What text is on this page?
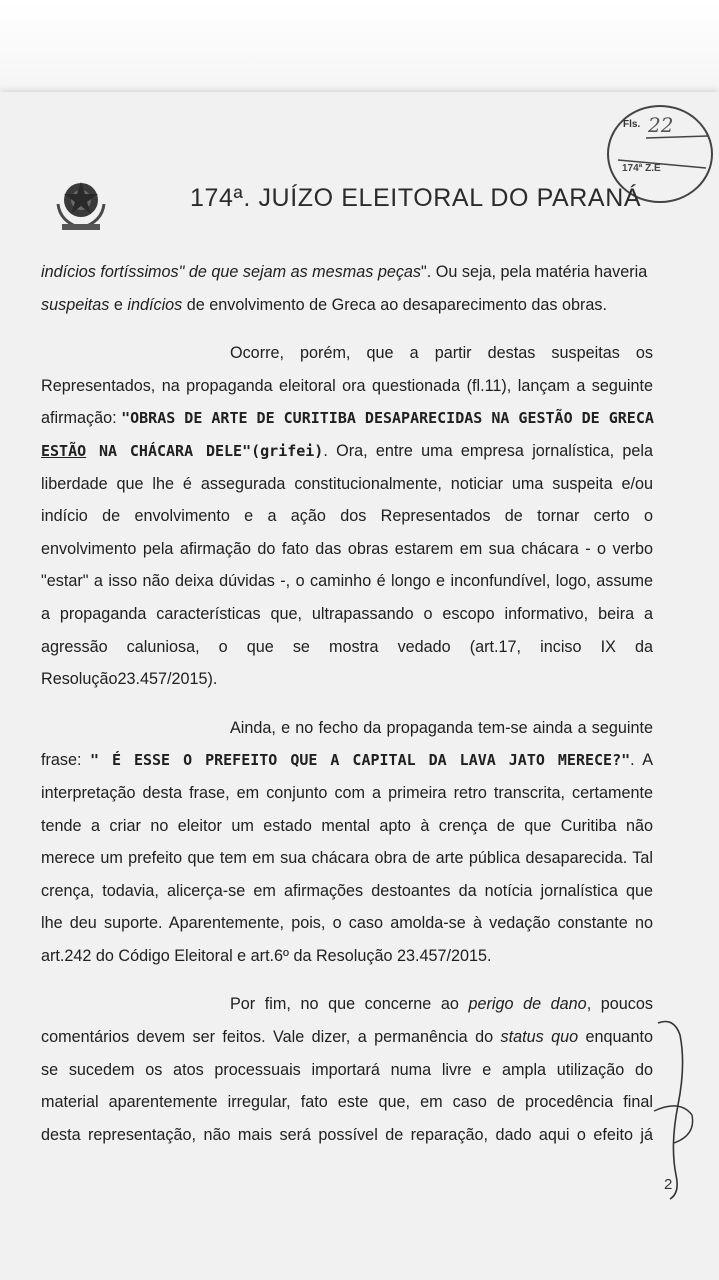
Fls. 22
174ª Z.E
174ª. JUÍZO ELEITORAL DO PARANÁ
indícios fortíssimos" de que sejam as mesmas peças". Ou seja, pela matéria haveria
suspeitas e indícios de envolvimento de Greca ao desaparecimento das obras.
Ocorre, porém, que a partir destas suspeitas os
Representados, na propaganda eleitoral ora questionada (fl.11), lançam a seguinte
afirmação: "OBRAS DE ARTE DE CURITIBA DESAPARECIDAS NA GESTÃO DE GRECA
ESTÃO NA CHÁCARA DELE"(grifei). Ora, entre uma empresa jornalística, pela
liberdade que lhe é assegurada constitucionalmente, noticiar uma suspeita e/ou
indício de envolvimento e a ação dos Representados de tornar certo o
envolvimento pela afirmação do fato das obras estarem em sua chácara - o verbo
"estar" a isso não deixa dúvidas -, o caminho é longo e inconfundível, logo, assume
a propaganda características que, ultrapassando o escopo informativo, beira a
agressão caluniosa, o que se mostra vedado (art.17, inciso IX da
Resolução23.457/2015).
Ainda, e no fecho da propaganda tem-se ainda a seguinte
frase: " É ESSE O PREFEITO QUE A CAPITAL DA LAVA JATO MERECE?". A
interpretação desta frase, em conjunto com a primeira retro transcrita, certamente
tende a criar no eleitor um estado mental apto à crença de que Curitiba não
merece um prefeito que tem em sua chácara obra de arte pública desaparecida. Tal
crença, todavia, alicerça-se em afirmações destoantes da notícia jornalística que
lhe deu suporte. Aparentemente, pois, o caso amolda-se à vedação constante no
art.242 do Código Eleitoral e art.6º da Resolução 23.457/2015.
Por fim, no que concerne ao perigo de dano, poucos
comentários devem ser feitos. Vale dizer, a permanência do status quo enquanto
se sucedem os atos processuais importará numa livre e ampla utilização do
material aparentemente irregular, fato este que, em caso de procedência final
desta representação, não mais será possível de reparação, dado aqui o efeito já
2
